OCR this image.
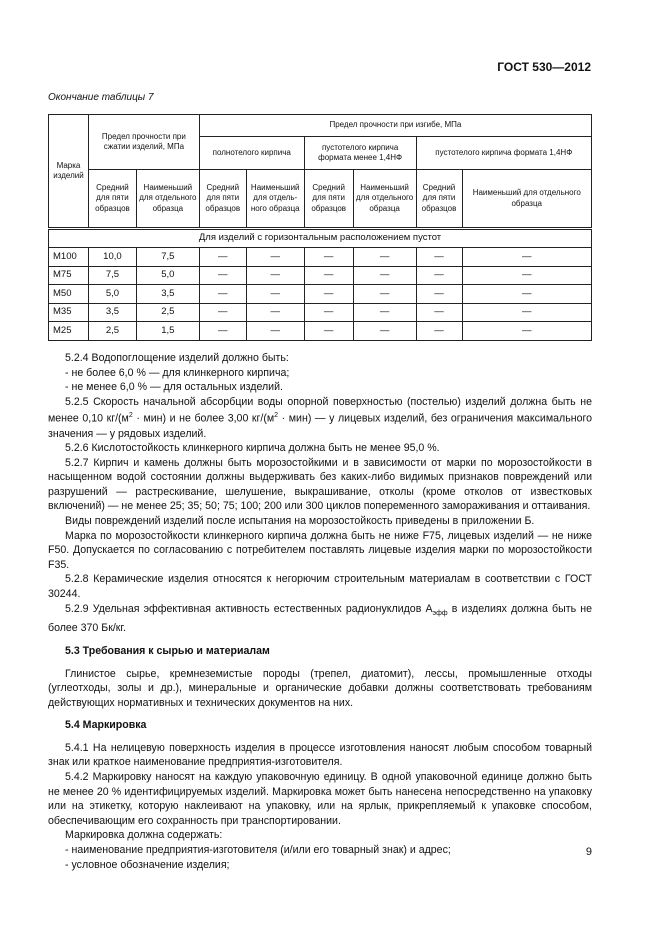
ГОСТ 530—2012
Окончание таблицы 7
Марка изделий	Предел прочности при сжатии изделий, МПа		Предел прочности при изгибе, МПа					
			полнотелого кирпича		пустотелого кирпича формата менее 1,4НФ		пустотелого кирпича формата 1,4НФ	
	Средний для пяти образцов	Наименьший для отдельного образца	Средний для пяти образцов	Наименьший для отдель-ного образца	Средний для пяти образцов	Наименьший для отдельного образца	Средний для пяти образцов	Наименьший для отдельного образца
Для изделий с горизонтальным расположением пустот								
М100	10,0	7,5	—	—	—	—	—	—
М75	7,5	5,0	—	—	—	—	—	—
М50	5,0	3,5	—	—	—	—	—	—
М35	3,5	2,5	—	—	—	—	—	—
М25	2,5	1,5	—	—	—	—	—	—

5.2.4 Водопоглощение изделий должно быть:

- не более 6,0 % — для клинкерного кирпича;

- не менее 6,0 % — для остальных изделий.

5.2.5 Скорость начальной абсорбции воды опорной поверхностью (постелью) изделий должна быть не менее 0,10 $кг/(м^2 \cdot мин)$ и не более 3,00 $кг/(м^2 \cdot мин)$ — у лицевых изделий, без ограничения максимального значения — у рядовых изделий.

5.2.6 Кислотостойкость клинкерного кирпича должна быть не менее 95,0 %.

5.2.7 Кирпич и камень должны быть морозостойкими и в зависимости от марки по морозостойкости в насыщенном водой состоянии должны выдерживать без каких-либо видимых признаков повреждений или разрушений — растрескивание, шелушение, выкрашивание, отколы (кроме отколов от известковых включений) — не менее 25; 35; 50; 75; 100; 200 или 300 циклов попеременного замораживания и оттаивания.

Виды повреждений изделий после испытания на морозостойкость приведены в приложении Б.

Марка по морозостойкости клинкерного кирпича должна быть не ниже F75, лицевых изделий — не ниже F50. Допускается по согласованию с потребителем поставлять лицевые изделия марки по морозостойкости F35.

5.2.8 Керамические изделия относятся к негорючим строительным материалам в соответствии с ГОСТ 30244.

5.2.9 Удельная эффективная активность естественных радионуклидов $A_{эфф}$ в изделиях должна быть не более 370 Бк/кг.

5.3 Требования к сырью и материалам

Глинистое сырье, кремнеземистые породы (трепел, диатомит), лессы, промышленные отходы (углеотходы, золы и др.), минеральные и органические добавки должны соответствовать требованиям действующих нормативных и технических документов на них.

5.4 Маркировка

5.4.1 На нелицевую поверхность изделия в процессе изготовления наносят любым способом товарный знак или краткое наименование предприятия-изготовителя.

5.4.2 Маркировку наносят на каждую упаковочную единицу. В одной упаковочной единице должно быть не менее 20 % идентифицируемых изделий. Маркировка может быть нанесена непосредственно на упаковку или на этикетку, которую наклеивают на упаковку, или на ярлык, прикрепляемый к упаковке способом, обеспечивающим его сохранность при транспортировании.

Маркировка должна содержать:

- наименование предприятия-изготовителя (и/или его товарный знак) и адрес;

- условное обозначение изделия;

9
